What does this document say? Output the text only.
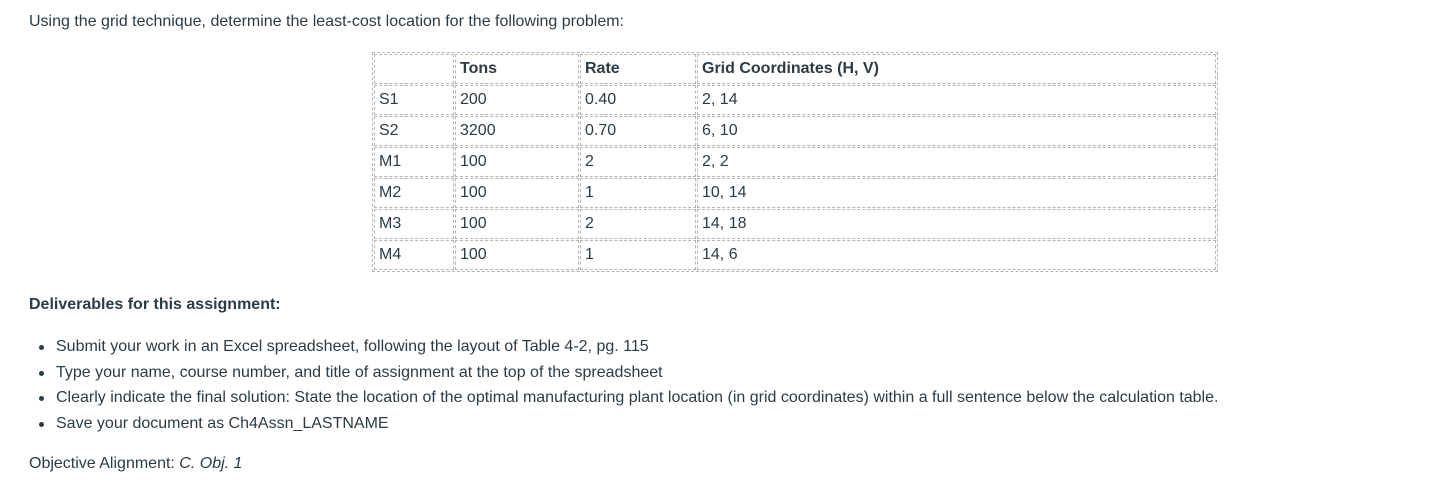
Using the grid technique, determine the least-cost location for the following problem:

	Tons	Rate	Grid Coordinates (H, V)
S1	200	0.40	2, 14
S2	3200	0.70	6, 10
M1	100	2	2, 2
M2	100	1	10, 14
M3	100	2	14, 18
M4	100	1	14, 6

Deliverables for this assignment:

Submit your work in an Excel spreadsheet, following the layout of Table 4-2, pg. 115
Type your name, course number, and title of assignment at the top of the spreadsheet
Clearly indicate the final solution: State the location of the optimal manufacturing plant location (in grid coordinates) within a full sentence below the calculation table.
Save your document as Ch4Assn_LASTNAME

Objective Alignment: C. Obj. 1
